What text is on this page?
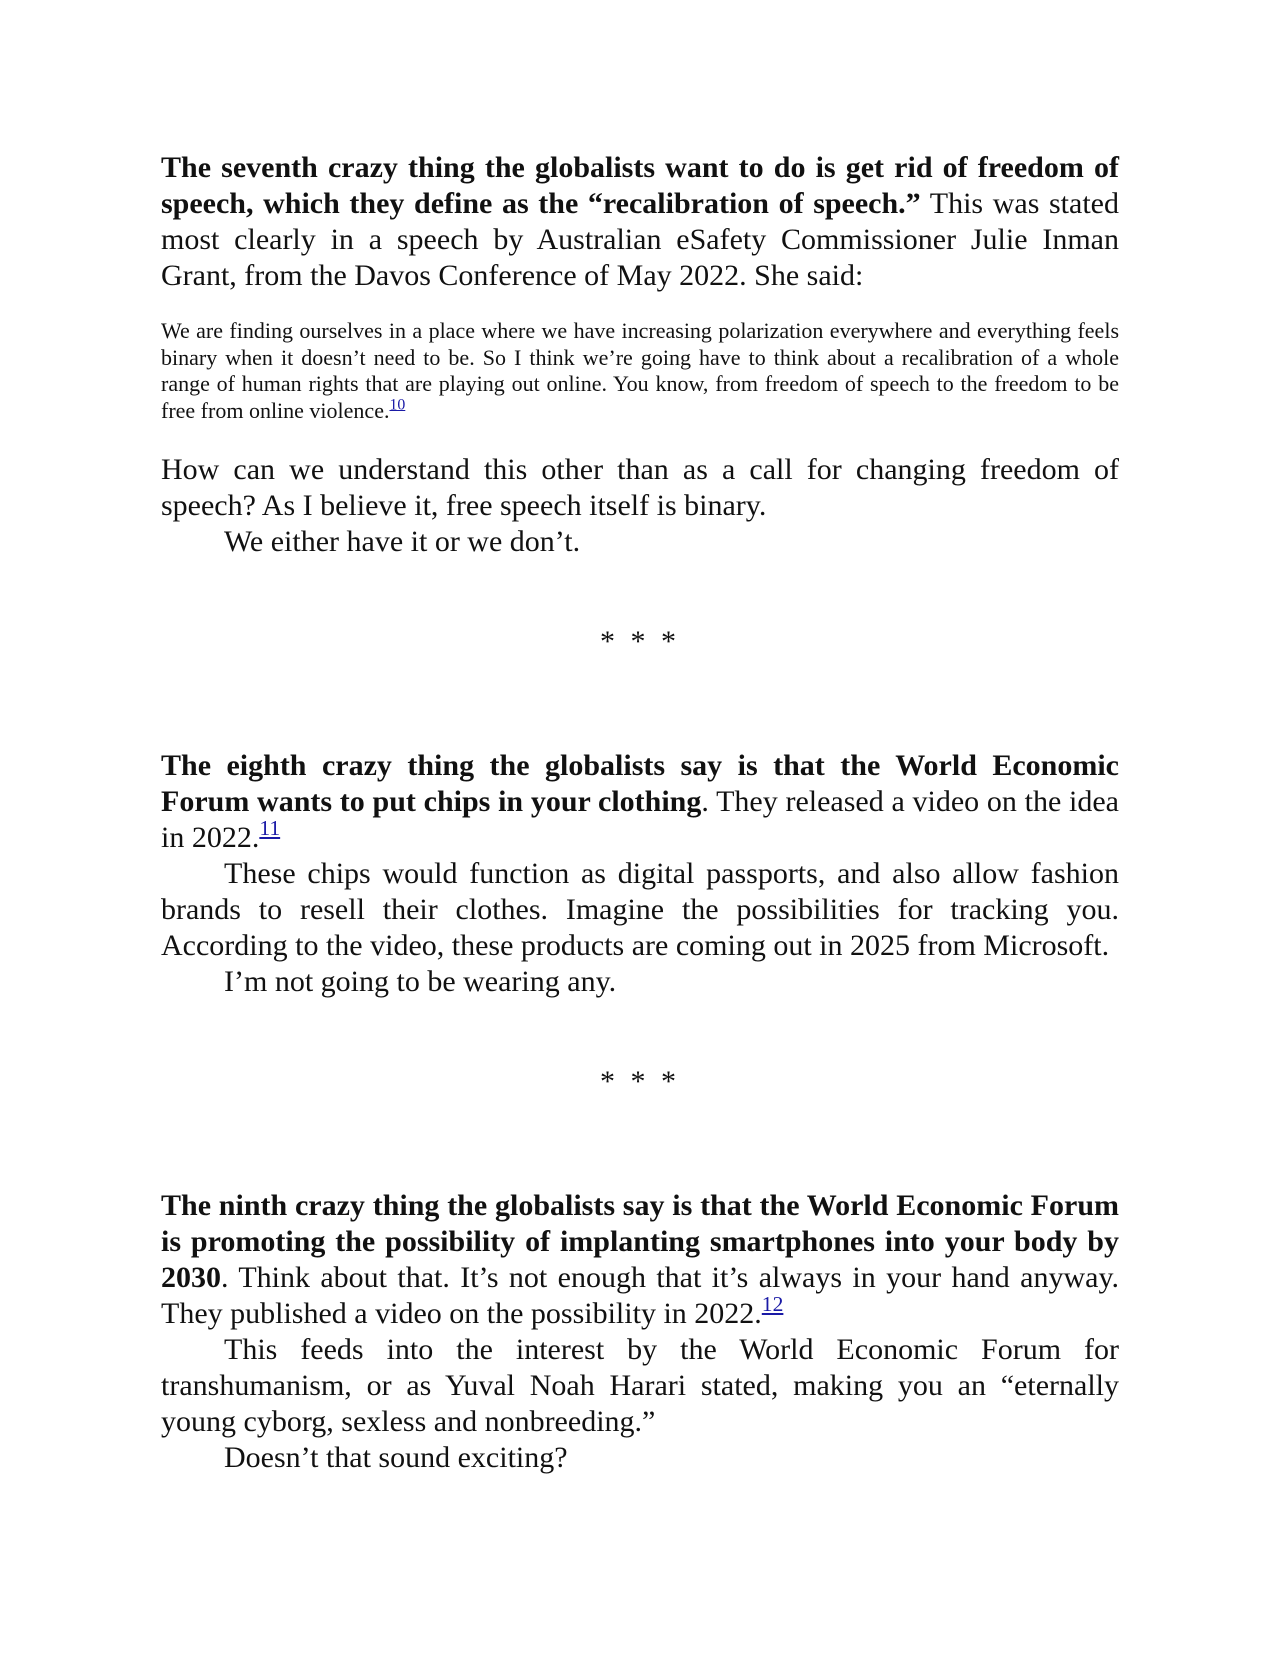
The seventh crazy thing the globalists want to do is get rid of freedom of speech, which they define as the “recalibration of speech.” This was stated most clearly in a speech by Australian eSafety Commissioner Julie Inman Grant, from the Davos Conference of May 2022. She said:

We are finding ourselves in a place where we have increasing polarization everywhere and everything feels binary when it doesn’t need to be. So I think we’re going have to think about a recalibration of a whole range of human rights that are playing out online. You know, from freedom of speech to the freedom to be free from online violence.$^{10}$

How can we understand this other than as a call for changing freedom of speech? As I believe it, free speech itself is binary.

We either have it or we don’t.

* * *

The eighth crazy thing the globalists say is that the World Economic Forum wants to put chips in your clothing. They released a video on the idea in 2022.11

These chips would function as digital passports, and also allow fashion brands to resell their clothes. Imagine the possibilities for tracking you. According to the video, these products are coming out in 2025 from Microsoft.

I’m not going to be wearing any.

* * *

The ninth crazy thing the globalists say is that the World Economic Forum is promoting the possibility of implanting smartphones into your body by 2030. Think about that. It’s not enough that it’s always in your hand anyway. They published a video on the possibility in 2022.12

This feeds into the interest by the World Economic Forum for transhumanism, or as Yuval Noah Harari stated, making you an “eternally young cyborg, sexless and nonbreeding.”

Doesn’t that sound exciting?
